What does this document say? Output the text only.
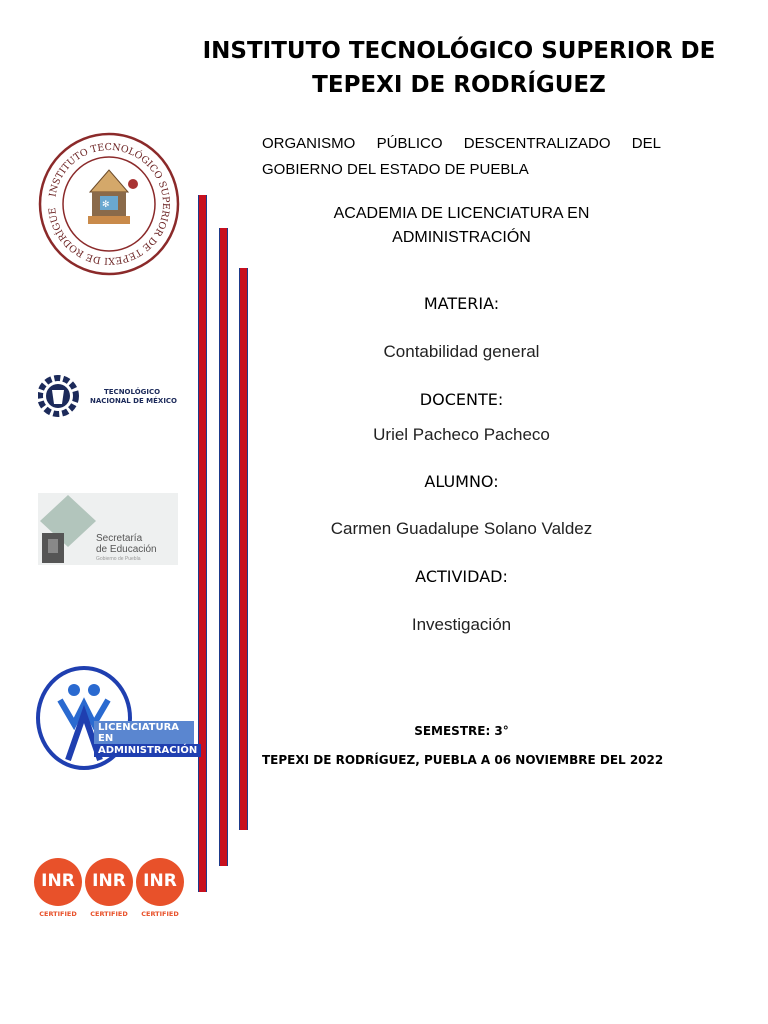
INSTITUTO TECNOLÓGICO SUPERIOR DE
TEPEXI DE RODRÍGUEZ
ORGANISMO PÚBLICO DESCENTRALIZADO DEL
GOBIERNO DEL ESTADO DE PUEBLA
ACADEMIA DE LICENCIATURA EN
ADMINISTRACIÓN
MATERIA:
Contabilidad general
DOCENTE:
Uriel Pacheco Pacheco
ALUMNO:
Carmen Guadalupe Solano Valdez
ACTIVIDAD:
Investigación
SEMESTRE: 3°
TEPEXI DE RODRÍGUEZ, PUEBLA A 06 NOVIEMBRE DEL 2022
INSTITUTO TECNOLÓGICO SUPERIOR DE TEPEXI DE RODRÍGUE
✻
TECNOLÓGICO
NACIONAL DE MÉXICO
Secretaría
de Educación
Gobierno de Puebla
LICENCIATURA EN
ADMINISTRACIÓN
INR	INR	INR
CERTIFIED	CERTIFIED	CERTIFIED
